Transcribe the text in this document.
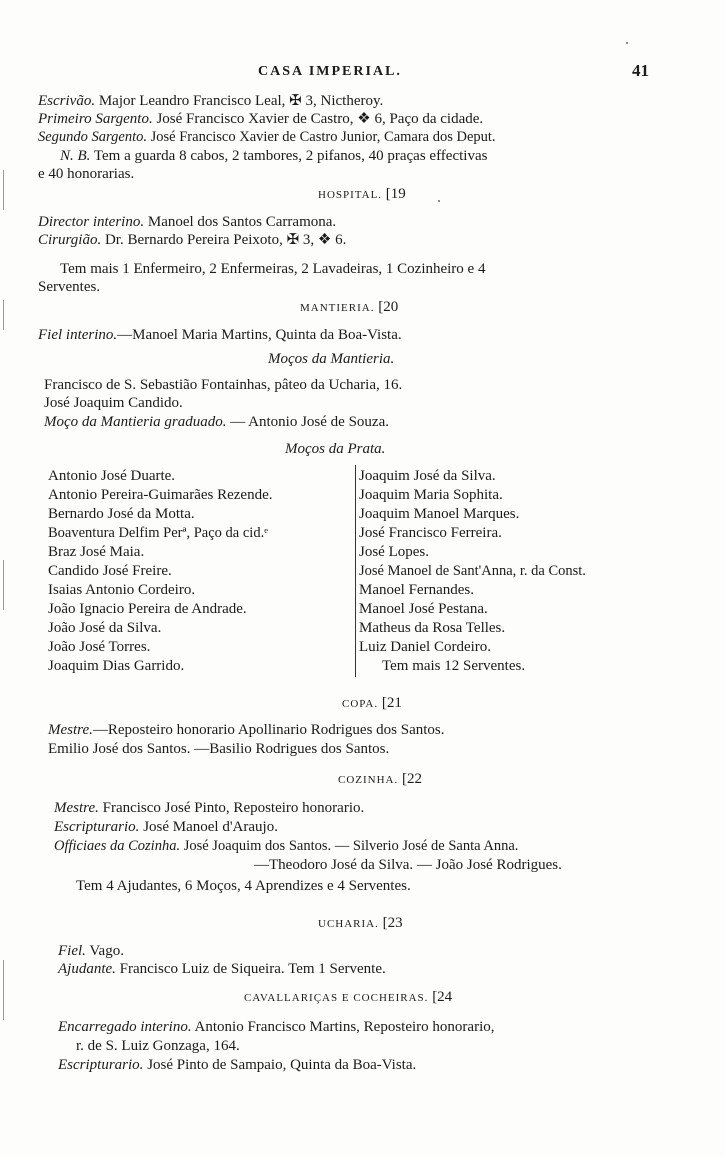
CASA IMPERIAL.	41
Escrivão. Major Leandro Francisco Leal, ✠ 3, Nictheroy.
Primeiro Sargento. José Francisco Xavier de Castro, ❖ 6, Paço da cidade.
Segundo Sargento. José Francisco Xavier de Castro Junior, Camara dos Deput.
N. B. Tem a guarda 8 cabos, 2 tambores, 2 pifanos, 40 praças effectivas
e 40 honorarias.
HOSPITAL. [19
Director interino. Manoel dos Santos Carramona.
Cirurgião. Dr. Bernardo Pereira Peixoto, ✠ 3, ❖ 6.
Tem mais 1 Enfermeiro, 2 Enfermeiras, 2 Lavadeiras, 1 Cozinheiro e 4
Serventes.
MANTIERIA. [20
Fiel interino.—Manoel Maria Martins, Quinta da Boa-Vista.
Moços da Mantieria.
Francisco de S. Sebastião Fontainhas, pâteo da Ucharia, 16.
José Joaquim Candido.
Moço da Mantieria graduado. — Antonio José de Souza.
Moços da Prata.
Antonio José Duarte.
Antonio Pereira-Guimarães Rezende.
Bernardo José da Motta.
Boaventura Delfim Perª, Paço da cid.ᵉ
Braz José Maia.
Candido José Freire.
Isaias Antonio Cordeiro.
João Ignacio Pereira de Andrade.
João José da Silva.
João José Torres.
Joaquim Dias Garrido.
Joaquim José da Silva.
Joaquim Maria Sophita.
Joaquim Manoel Marques.
José Francisco Ferreira.
José Lopes.
José Manoel de Sant'Anna, r. da Const.
Manoel Fernandes.
Manoel José Pestana.
Matheus da Rosa Telles.
Luiz Daniel Cordeiro.
Tem mais 12 Serventes.
COPA. [21
Mestre.—Reposteiro honorario Apollinario Rodrigues dos Santos.
Emilio José dos Santos. —Basilio Rodrigues dos Santos.
COZINHA. [22
Mestre. Francisco José Pinto, Reposteiro honorario.
Escripturario. José Manoel d'Araujo.
Officiaes da Cozinha. José Joaquim dos Santos. — Silverio José de Santa Anna.
—Theodoro José da Silva. — João José Rodrigues.
Tem 4 Ajudantes, 6 Moços, 4 Aprendizes e 4 Serventes.
UCHARIA. [23
Fiel. Vago.
Ajudante. Francisco Luiz de Siqueira. Tem 1 Servente.
CAVALLARIÇAS E COCHEIRAS. [24
Encarregado interino. Antonio Francisco Martins, Reposteiro honorario,
r. de S. Luiz Gonzaga, 164.
Escripturario. José Pinto de Sampaio, Quinta da Boa-Vista.
